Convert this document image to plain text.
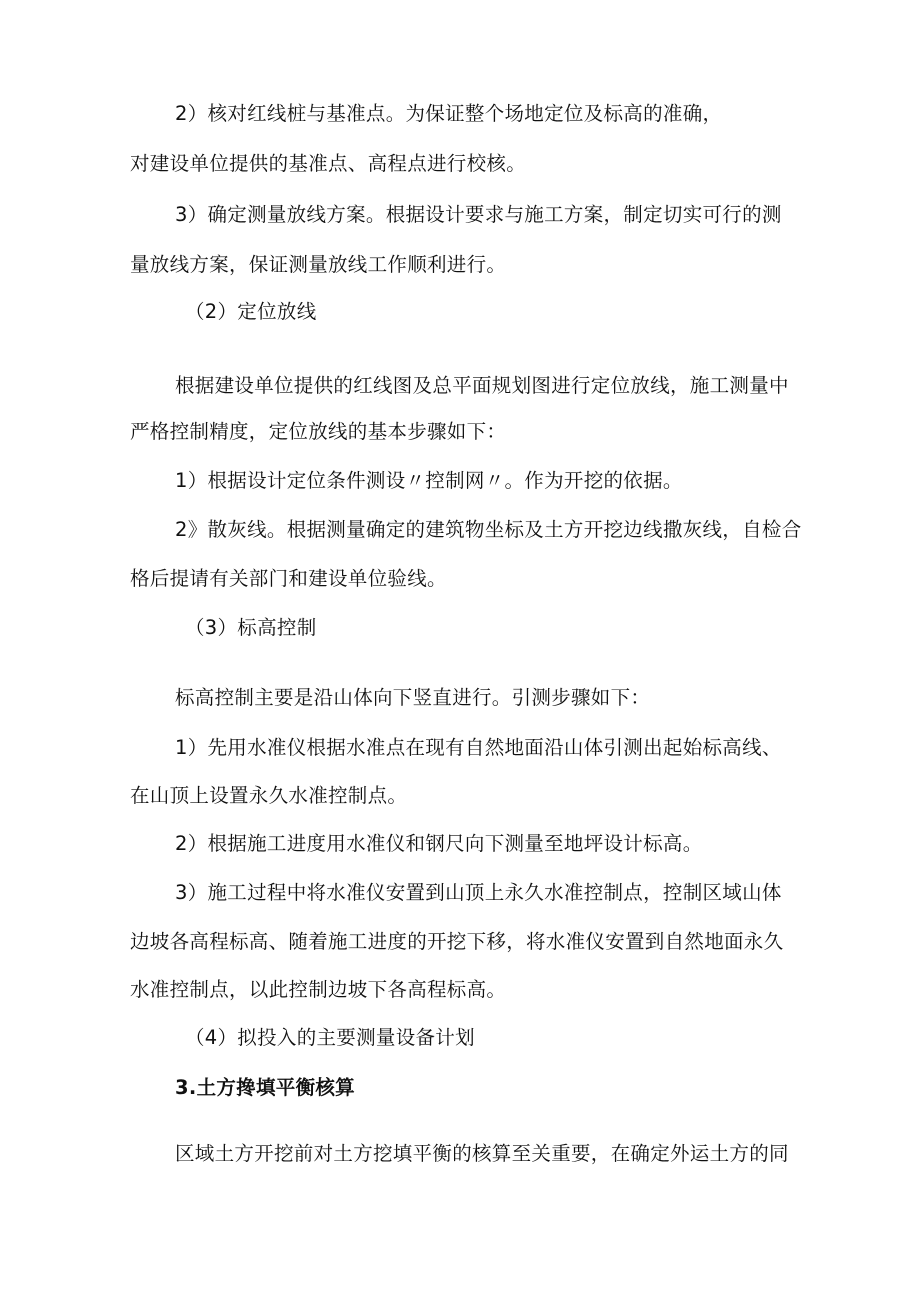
2）核对红线桩与基准点。为保证整个场地定位及标高的准确，

对建设单位提供的基准点、高程点进行校核。

3）确定测量放线方案。根据设计要求与施工方案，制定切实可行的测

量放线方案，保证测量放线工作顺利进行。

（2）定位放线

根据建设单位提供的红线图及总平面规划图进行定位放线，施工测量中

严格控制精度，定位放线的基本步骤如下：

1）根据设计定位条件测设〃控制网〃。作为开挖的依据。

2》散灰线。根据测量确定的建筑物坐标及土方开挖边线撒灰线，自检合

格后提请有关部门和建设单位验线。

（3）标高控制

标高控制主要是沿山体向下竖直进行。引测步骤如下：

1）先用水准仪根据水准点在现有自然地面沿山体引测出起始标高线、

在山顶上设置永久水准控制点。

2）根据施工进度用水准仪和钢尺向下测量至地坪设计标高。

3）施工过程中将水准仪安置到山顶上永久水准控制点，控制区域山体

边坡各高程标高、随着施工进度的开挖下移，将水准仪安置到自然地面永久

水准控制点，以此控制边坡下各高程标高。

（4）拟投入的主要测量设备计划

3.土方搀填平衡核算

区域土方开挖前对土方挖填平衡的核算至关重要，在确定外运土方的同
